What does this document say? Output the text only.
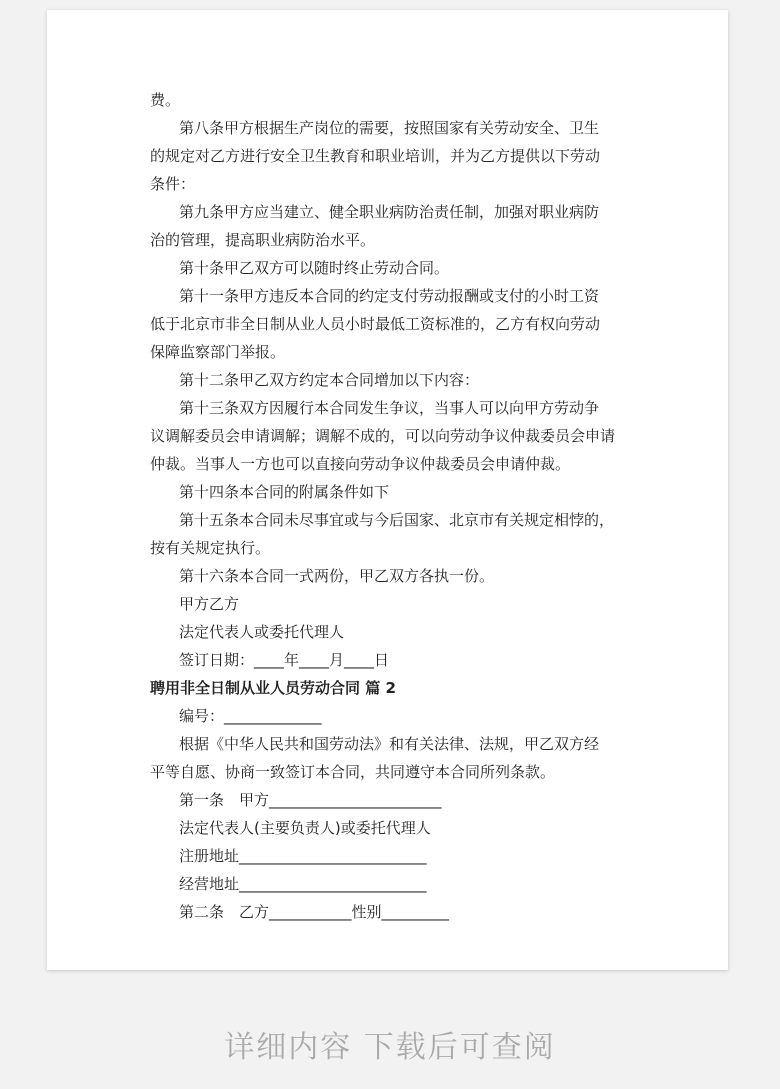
费。
第八条甲方根据生产岗位的需要，按照国家有关劳动安全、卫生
的规定对乙方进行安全卫生教育和职业培训，并为乙方提供以下劳动
条件：
第九条甲方应当建立、健全职业病防治责任制，加强对职业病防
治的管理，提高职业病防治水平。
第十条甲乙双方可以随时终止劳动合同。
第十一条甲方违反本合同的约定支付劳动报酬或支付的小时工资
低于北京市非全日制从业人员小时最低工资标准的，乙方有权向劳动
保障监察部门举报。
第十二条甲乙双方约定本合同增加以下内容：
第十三条双方因履行本合同发生争议，当事人可以向甲方劳动争
议调解委员会申请调解；调解不成的，可以向劳动争议仲裁委员会申请
仲裁。当事人一方也可以直接向劳动争议仲裁委员会申请仲裁。
第十四条本合同的附属条件如下
第十五条本合同未尽事宜或与今后国家、北京市有关规定相悖的，
按有关规定执行。
第十六条本合同一式两份，甲乙双方各执一份。
甲方乙方
法定代表人或委托代理人
签订日期：____年____月____日
聘用非全日制从业人员劳动合同 篇 2
编号：_____________
根据《中华人民共和国劳动法》和有关法律、法规，甲乙双方经
平等自愿、协商一致签订本合同，共同遵守本合同所列条款。
第一条　甲方_______________________
法定代表人(主要负责人)或委托代理人
注册地址_________________________
经营地址_________________________
第二条　乙方___________性别_________
详细内容 下载后可查阅
